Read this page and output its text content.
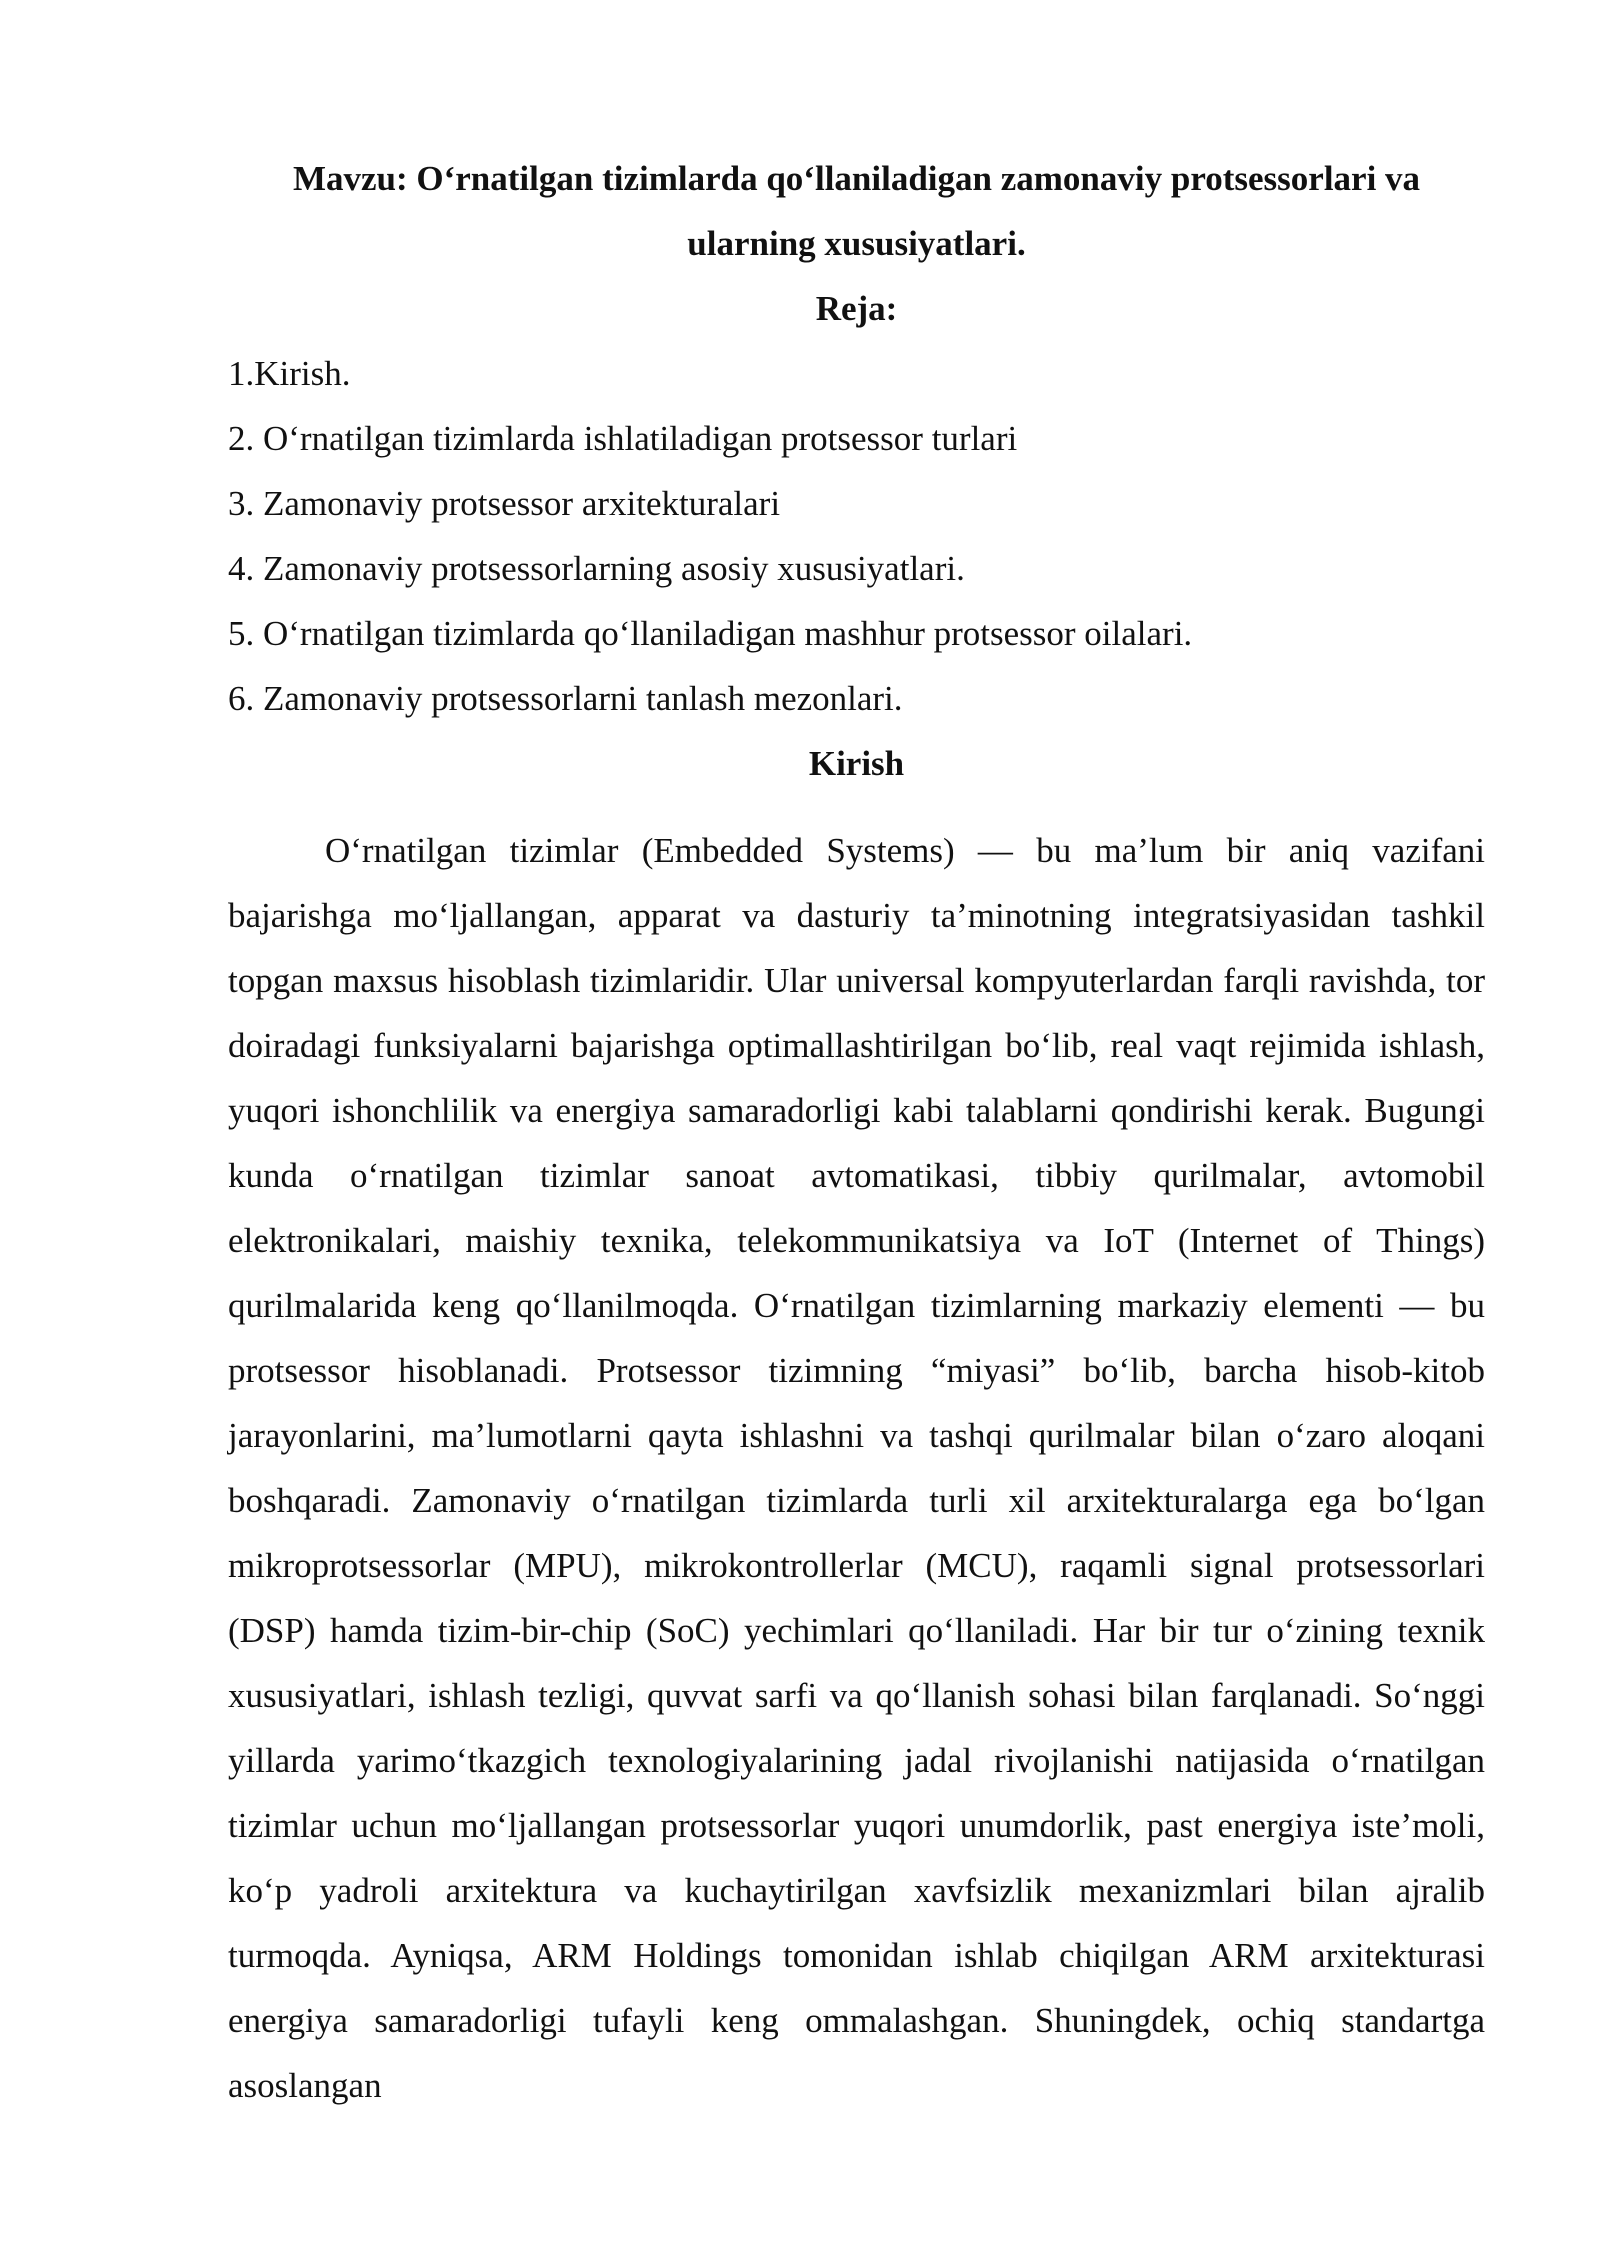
Mavzu: O‘rnatilgan tizimlarda qo‘llaniladigan zamonaviy protsessorlari va
ularning xususiyatlari.
Reja:
1.Kirish.
2. O‘rnatilgan tizimlarda ishlatiladigan protsessor turlari
3. Zamonaviy protsessor arxitekturalari
4. Zamonaviy protsessorlarning asosiy xususiyatlari.
5. O‘rnatilgan tizimlarda qo‘llaniladigan mashhur protsessor oilalari.
6. Zamonaviy protsessorlarni tanlash mezonlari.
Kirish

O‘rnatilgan tizimlar (Embedded Systems) — bu ma’lum bir aniq vazifani bajarishga mo‘ljallangan, apparat va dasturiy ta’minotning integratsiyasidan tashkil topgan maxsus hisoblash tizimlaridir. Ular universal kompyuterlardan farqli ravishda, tor doiradagi funksiyalarni bajarishga optimallashtirilgan bo‘lib, real vaqt rejimida ishlash, yuqori ishonchlilik va energiya samaradorligi kabi talablarni qondirishi kerak. Bugungi kunda o‘rnatilgan tizimlar sanoat avtomatikasi, tibbiy qurilmalar, avtomobil elektronikalari, maishiy texnika, telekommunikatsiya va IoT (Internet of Things) qurilmalarida keng qo‘llanilmoqda. O‘rnatilgan tizimlarning markaziy elementi — bu protsessor hisoblanadi. Protsessor tizimning “miyasi” bo‘lib, barcha hisob-kitob jarayonlarini, ma’lumotlarni qayta ishlashni va tashqi qurilmalar bilan o‘zaro aloqani boshqaradi. Zamonaviy o‘rnatilgan tizimlarda turli xil arxitekturalarga ega bo‘lgan mikroprotsessorlar (MPU), mikrokontrollerlar (MCU), raqamli signal protsessorlari (DSP) hamda tizim-bir-chip (SoC) yechimlari qo‘llaniladi. Har bir tur o‘zining texnik xususiyatlari, ishlash tezligi, quvvat sarfi va qo‘llanish sohasi bilan farqlanadi. So‘nggi yillarda yarimo‘tkazgich texnologiyalarining jadal rivojlanishi natijasida o‘rnatilgan tizimlar uchun mo‘ljallangan protsessorlar yuqori unumdorlik, past energiya iste’moli, ko‘p yadroli arxitektura va kuchaytirilgan xavfsizlik mexanizmlari bilan ajralib turmoqda. Ayniqsa, ARM Holdings tomonidan ishlab chiqilgan ARM arxitekturasi energiya samaradorligi tufayli keng ommalashgan. Shuningdek, ochiq standartga asoslangan
